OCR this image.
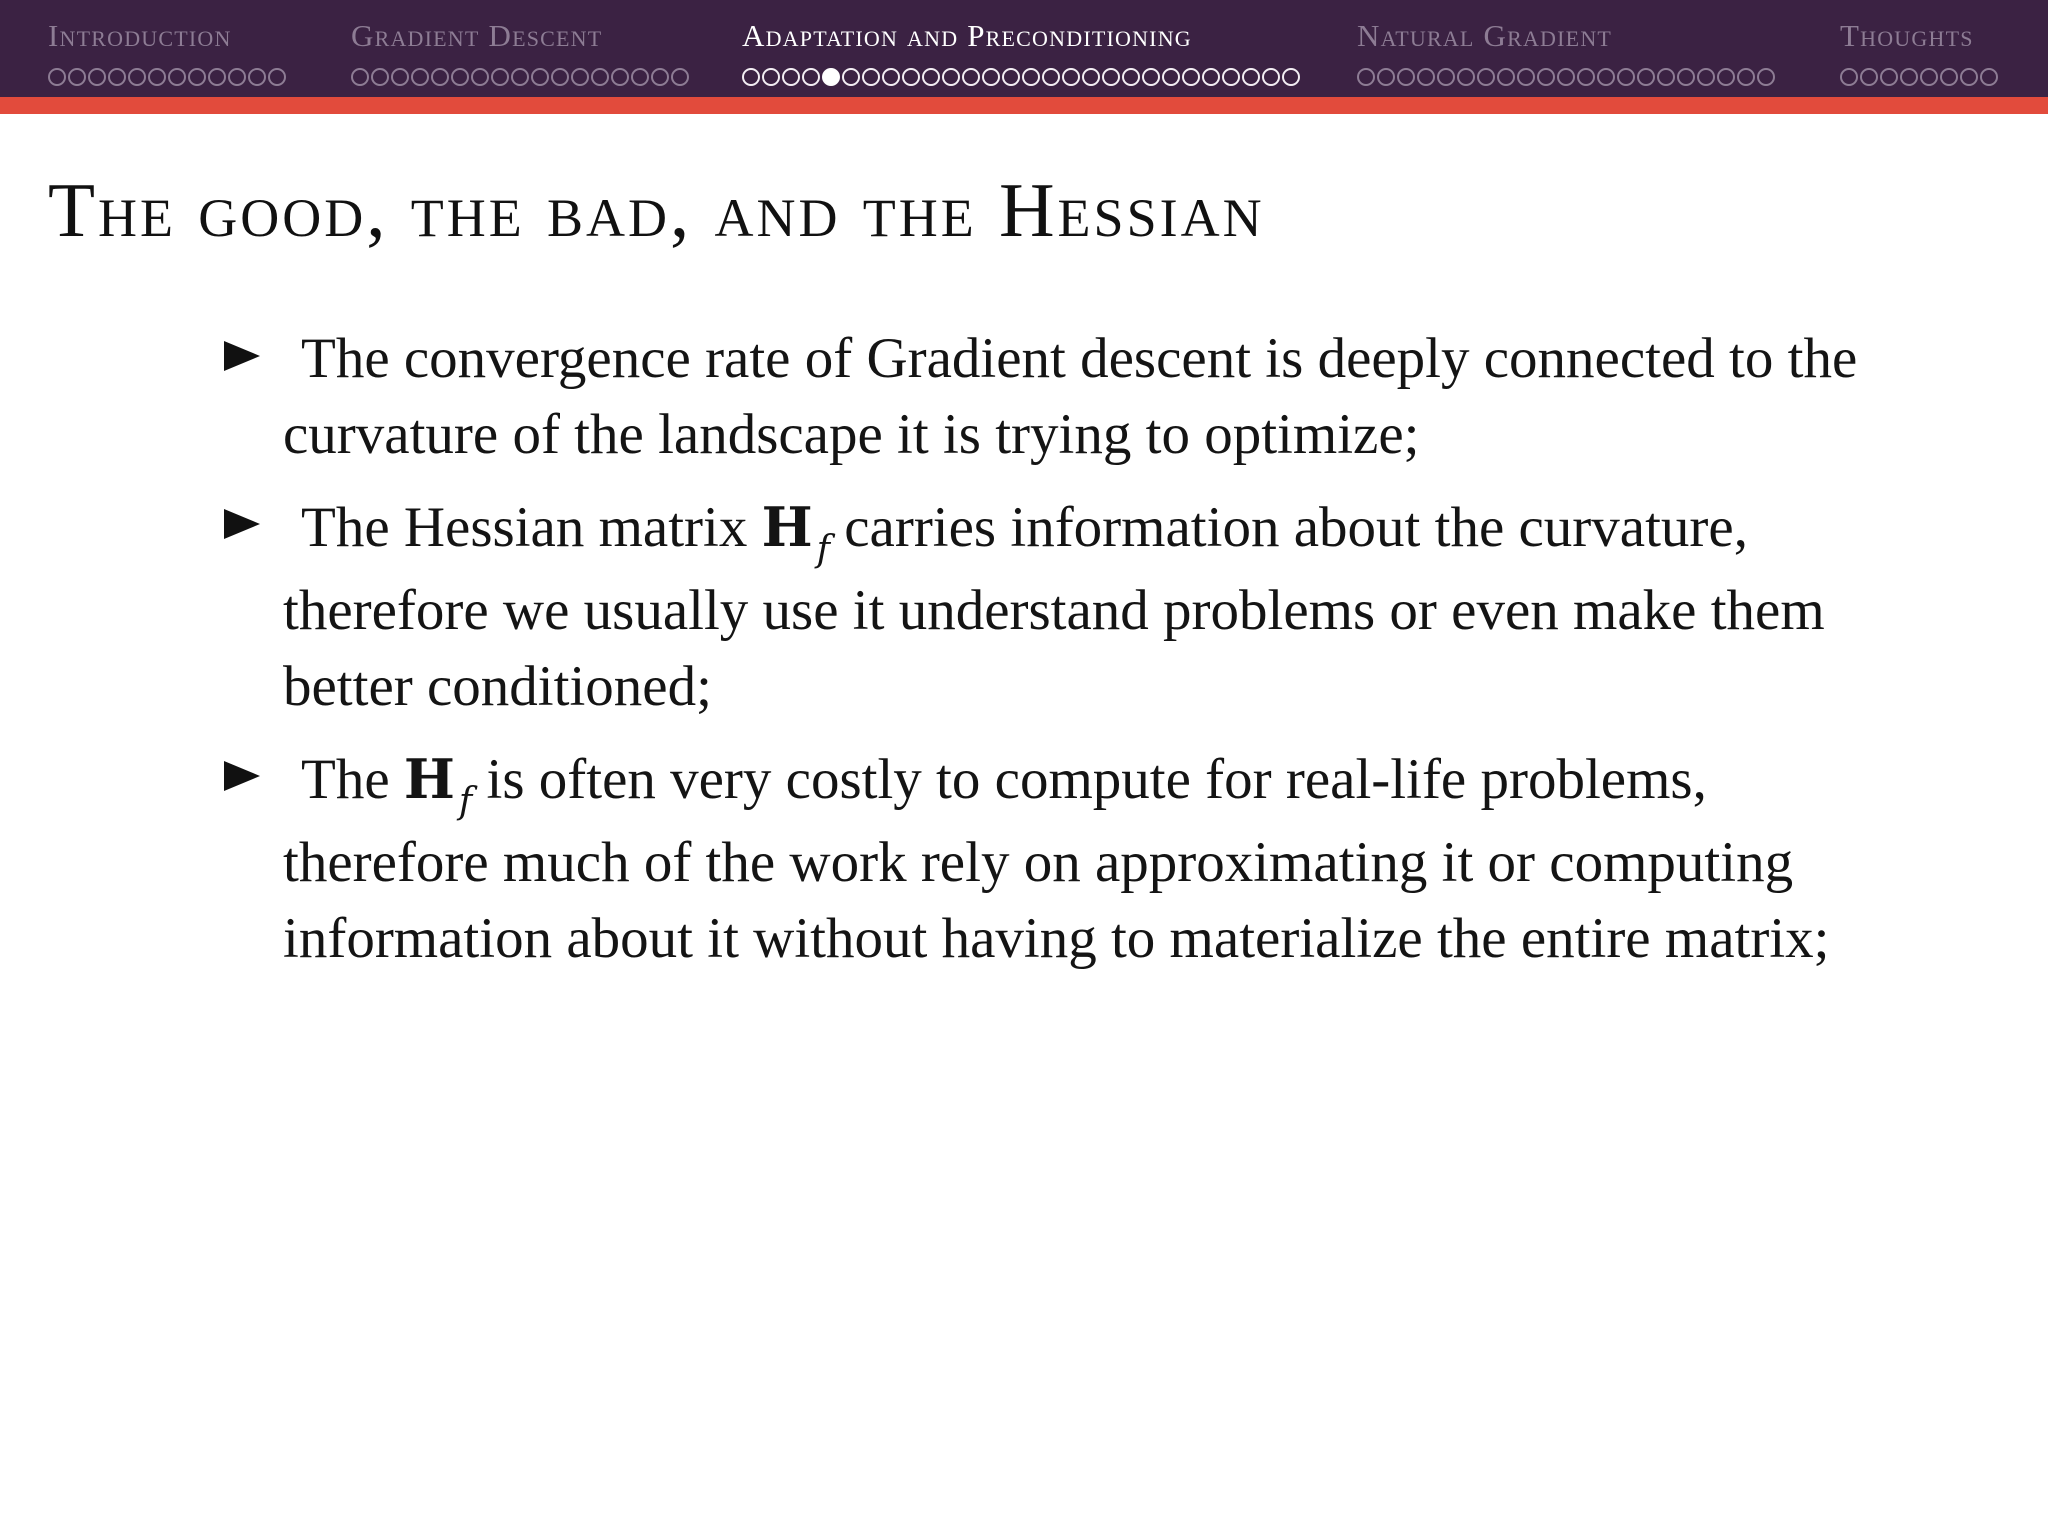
Introduction	Gradient Descent	Adaptation and Preconditioning	Natural Gradient	Thoughts
The good, the bad, and the Hessian
The convergence rate of Gradient descent is deeply connected to the
curvature of the landscape it is trying to optimize;
The Hessian matrix H $_f$ carries information about the curvature,
therefore we usually use it understand problems or even make them
better conditioned;
The H $_f$ is often very costly to compute for real-life problems,
therefore much of the work rely on approximating it or computing
information about it without having to materialize the entire matrix;
